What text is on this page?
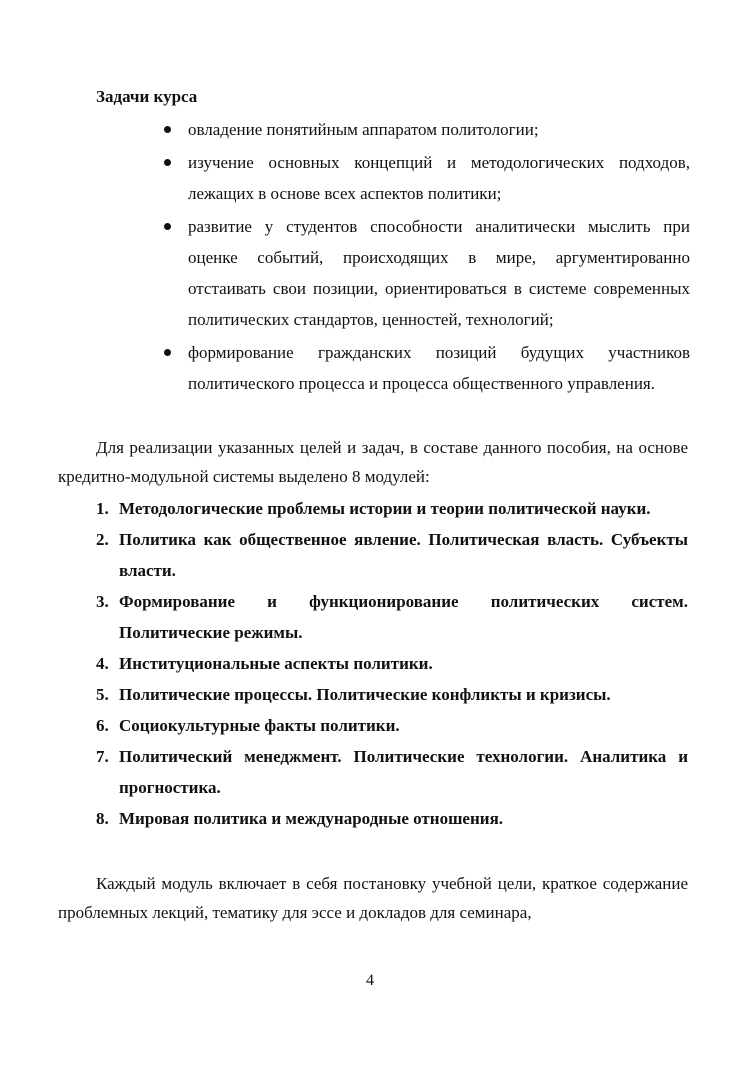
Задачи курса
овладение понятийным аппаратом политологии;
изучение основных концепций и методологических подходов, лежащих в основе всех аспектов политики;
развитие у студентов способности аналитически мыслить при оценке событий, происходящих в мире, аргументированно отстаивать свои позиции, ориентироваться в системе современных политических стандартов, ценностей, технологий;
формирование гражданских позиций будущих участников политического процесса и процесса общественного управления.

Для реализации указанных целей и задач, в составе данного пособия, на основе кредитно-модульной системы выделено 8 модулей:

1. Методологические проблемы истории и теории политической науки.
2. Политика как общественное явление. Политическая власть. Субъекты власти.
3. Формирование и функционирование политических систем. Политические режимы.
4. Институциональные аспекты политики.
5. Политические процессы. Политические конфликты и кризисы.
6. Социокультурные факты политики.
7. Политический менеджмент. Политические технологии. Аналитика и прогностика.
8. Мировая политика и международные отношения.

Каждый модуль включает в себя постановку учебной цели, краткое содержание проблемных лекций, тематику для эссе и докладов для семинара,

4
